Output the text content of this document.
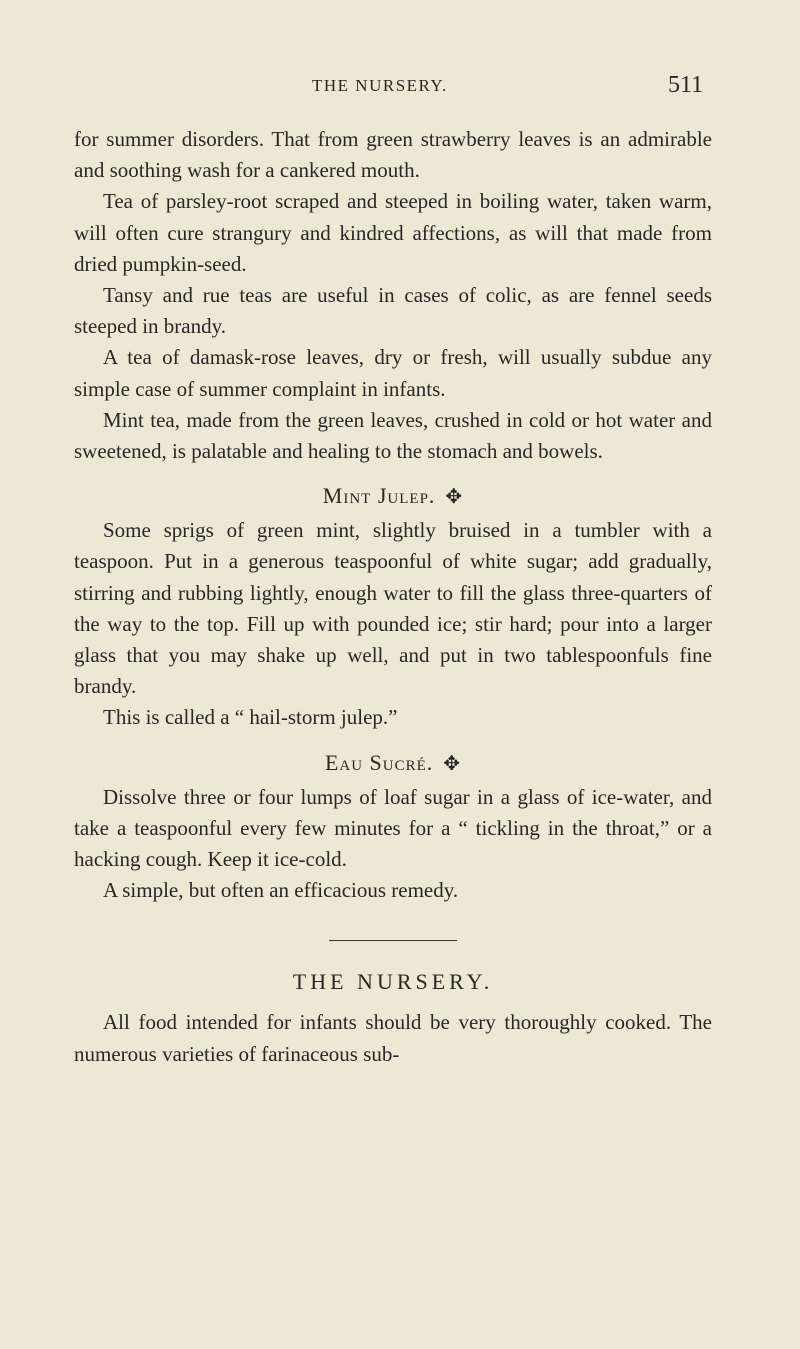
THE NURSERY.	511

for summer disorders. That from green strawberry leaves is an admirable and soothing wash for a cankered mouth.

Tea of parsley-root scraped and steeped in boiling water, taken warm, will often cure strangury and kindred affections, as will that made from dried pumpkin-seed.

Tansy and rue teas are useful in cases of colic, as are fennel seeds steeped in brandy.

A tea of damask-rose leaves, dry or fresh, will usually subdue any simple case of summer complaint in infants.

Mint tea, made from the green leaves, crushed in cold or hot water and sweetened, is palatable and healing to the stomach and bowels.

Mint Julep. ✥

Some sprigs of green mint, slightly bruised in a tumbler with a teaspoon. Put in a generous teaspoonful of white sugar; add gradually, stirring and rubbing lightly, enough water to fill the glass three-quarters of the way to the top. Fill up with pounded ice; stir hard; pour into a larger glass that you may shake up well, and put in two tablespoonfuls fine brandy.

This is called a “ hail-storm julep.”

Eau Sucré. ✥

Dissolve three or four lumps of loaf sugar in a glass of ice-water, and take a teaspoonful every few minutes for a “ tickling in the throat,” or a hacking cough. Keep it ice-cold.

A simple, but often an efficacious remedy.

THE NURSERY.

All food intended for infants should be very thoroughly cooked. The numerous varieties of farinaceous sub-
